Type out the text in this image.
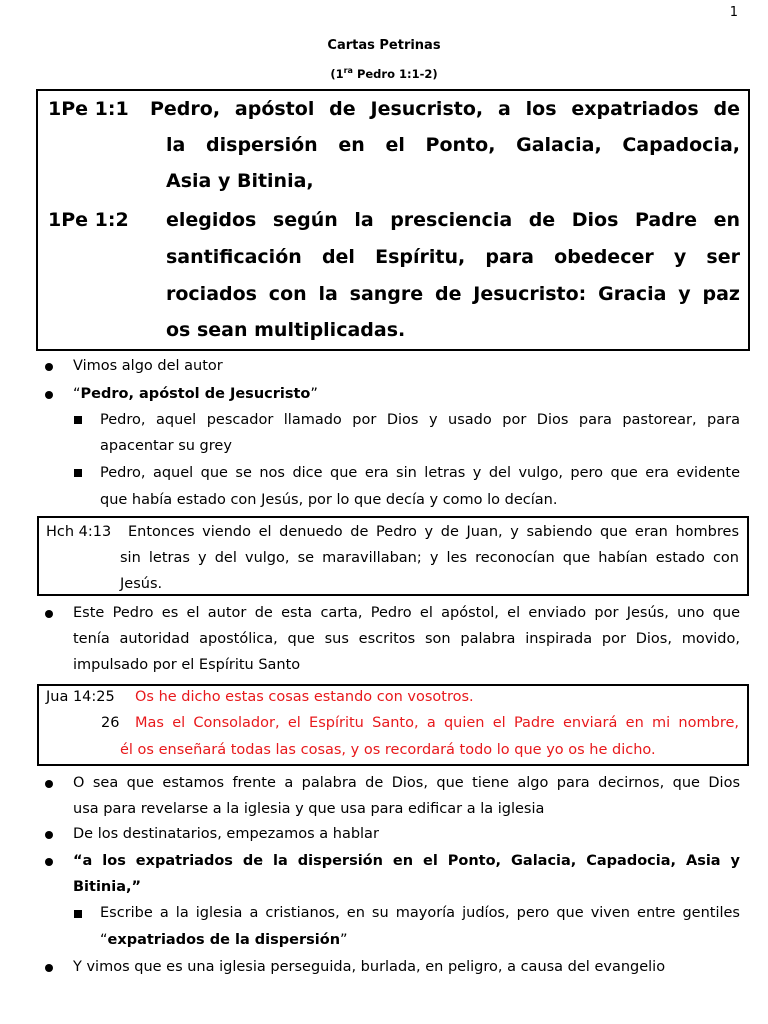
1
Cartas Petrinas
($1^{ra}$ Pedro 1:1-2)
1Pe 1:1 Pedro, apóstol de Jesucristo, a los expatriados de
la dispersión en el Ponto, Galacia, Capadocia,
Asia y Bitinia,
1Pe 1:2 elegidos según la presciencia de Dios Padre en
santificación del Espíritu, para obedecer y ser
rociados con la sangre de Jesucristo: Gracia y paz
os sean multiplicadas.
Vimos algo del autor
“Pedro, apóstol de Jesucristo”
Pedro, aquel pescador llamado por Dios y usado por Dios para pastorear, para
apacentar su grey
Pedro, aquel que se nos dice que era sin letras y del vulgo, pero que era evidente
que había estado con Jesús, por lo que decía y como lo decían.
Hch 4:13 Entonces viendo el denuedo de Pedro y de Juan, y sabiendo que eran hombres
sin letras y del vulgo, se maravillaban; y les reconocían que habían estado con
Jesús.
Este Pedro es el autor de esta carta, Pedro el apóstol, el enviado por Jesús, uno que
tenía autoridad apostólica, que sus escritos son palabra inspirada por Dios, movido,
impulsado por el Espíritu Santo
Jua 14:25 Os he dicho estas cosas estando con vosotros.
26 Mas el Consolador, el Espíritu Santo, a quien el Padre enviará en mi nombre,
él os enseñará todas las cosas, y os recordará todo lo que yo os he dicho.
O sea que estamos frente a palabra de Dios, que tiene algo para decirnos, que Dios
usa para revelarse a la iglesia y que usa para edificar a la iglesia
De los destinatarios, empezamos a hablar
“a los expatriados de la dispersión en el Ponto, Galacia, Capadocia, Asia y
Bitinia,”
Escribe a la iglesia a cristianos, en su mayoría judíos, pero que viven entre gentiles
“expatriados de la dispersión”
Y vimos que es una iglesia perseguida, burlada, en peligro, a causa del evangelio
